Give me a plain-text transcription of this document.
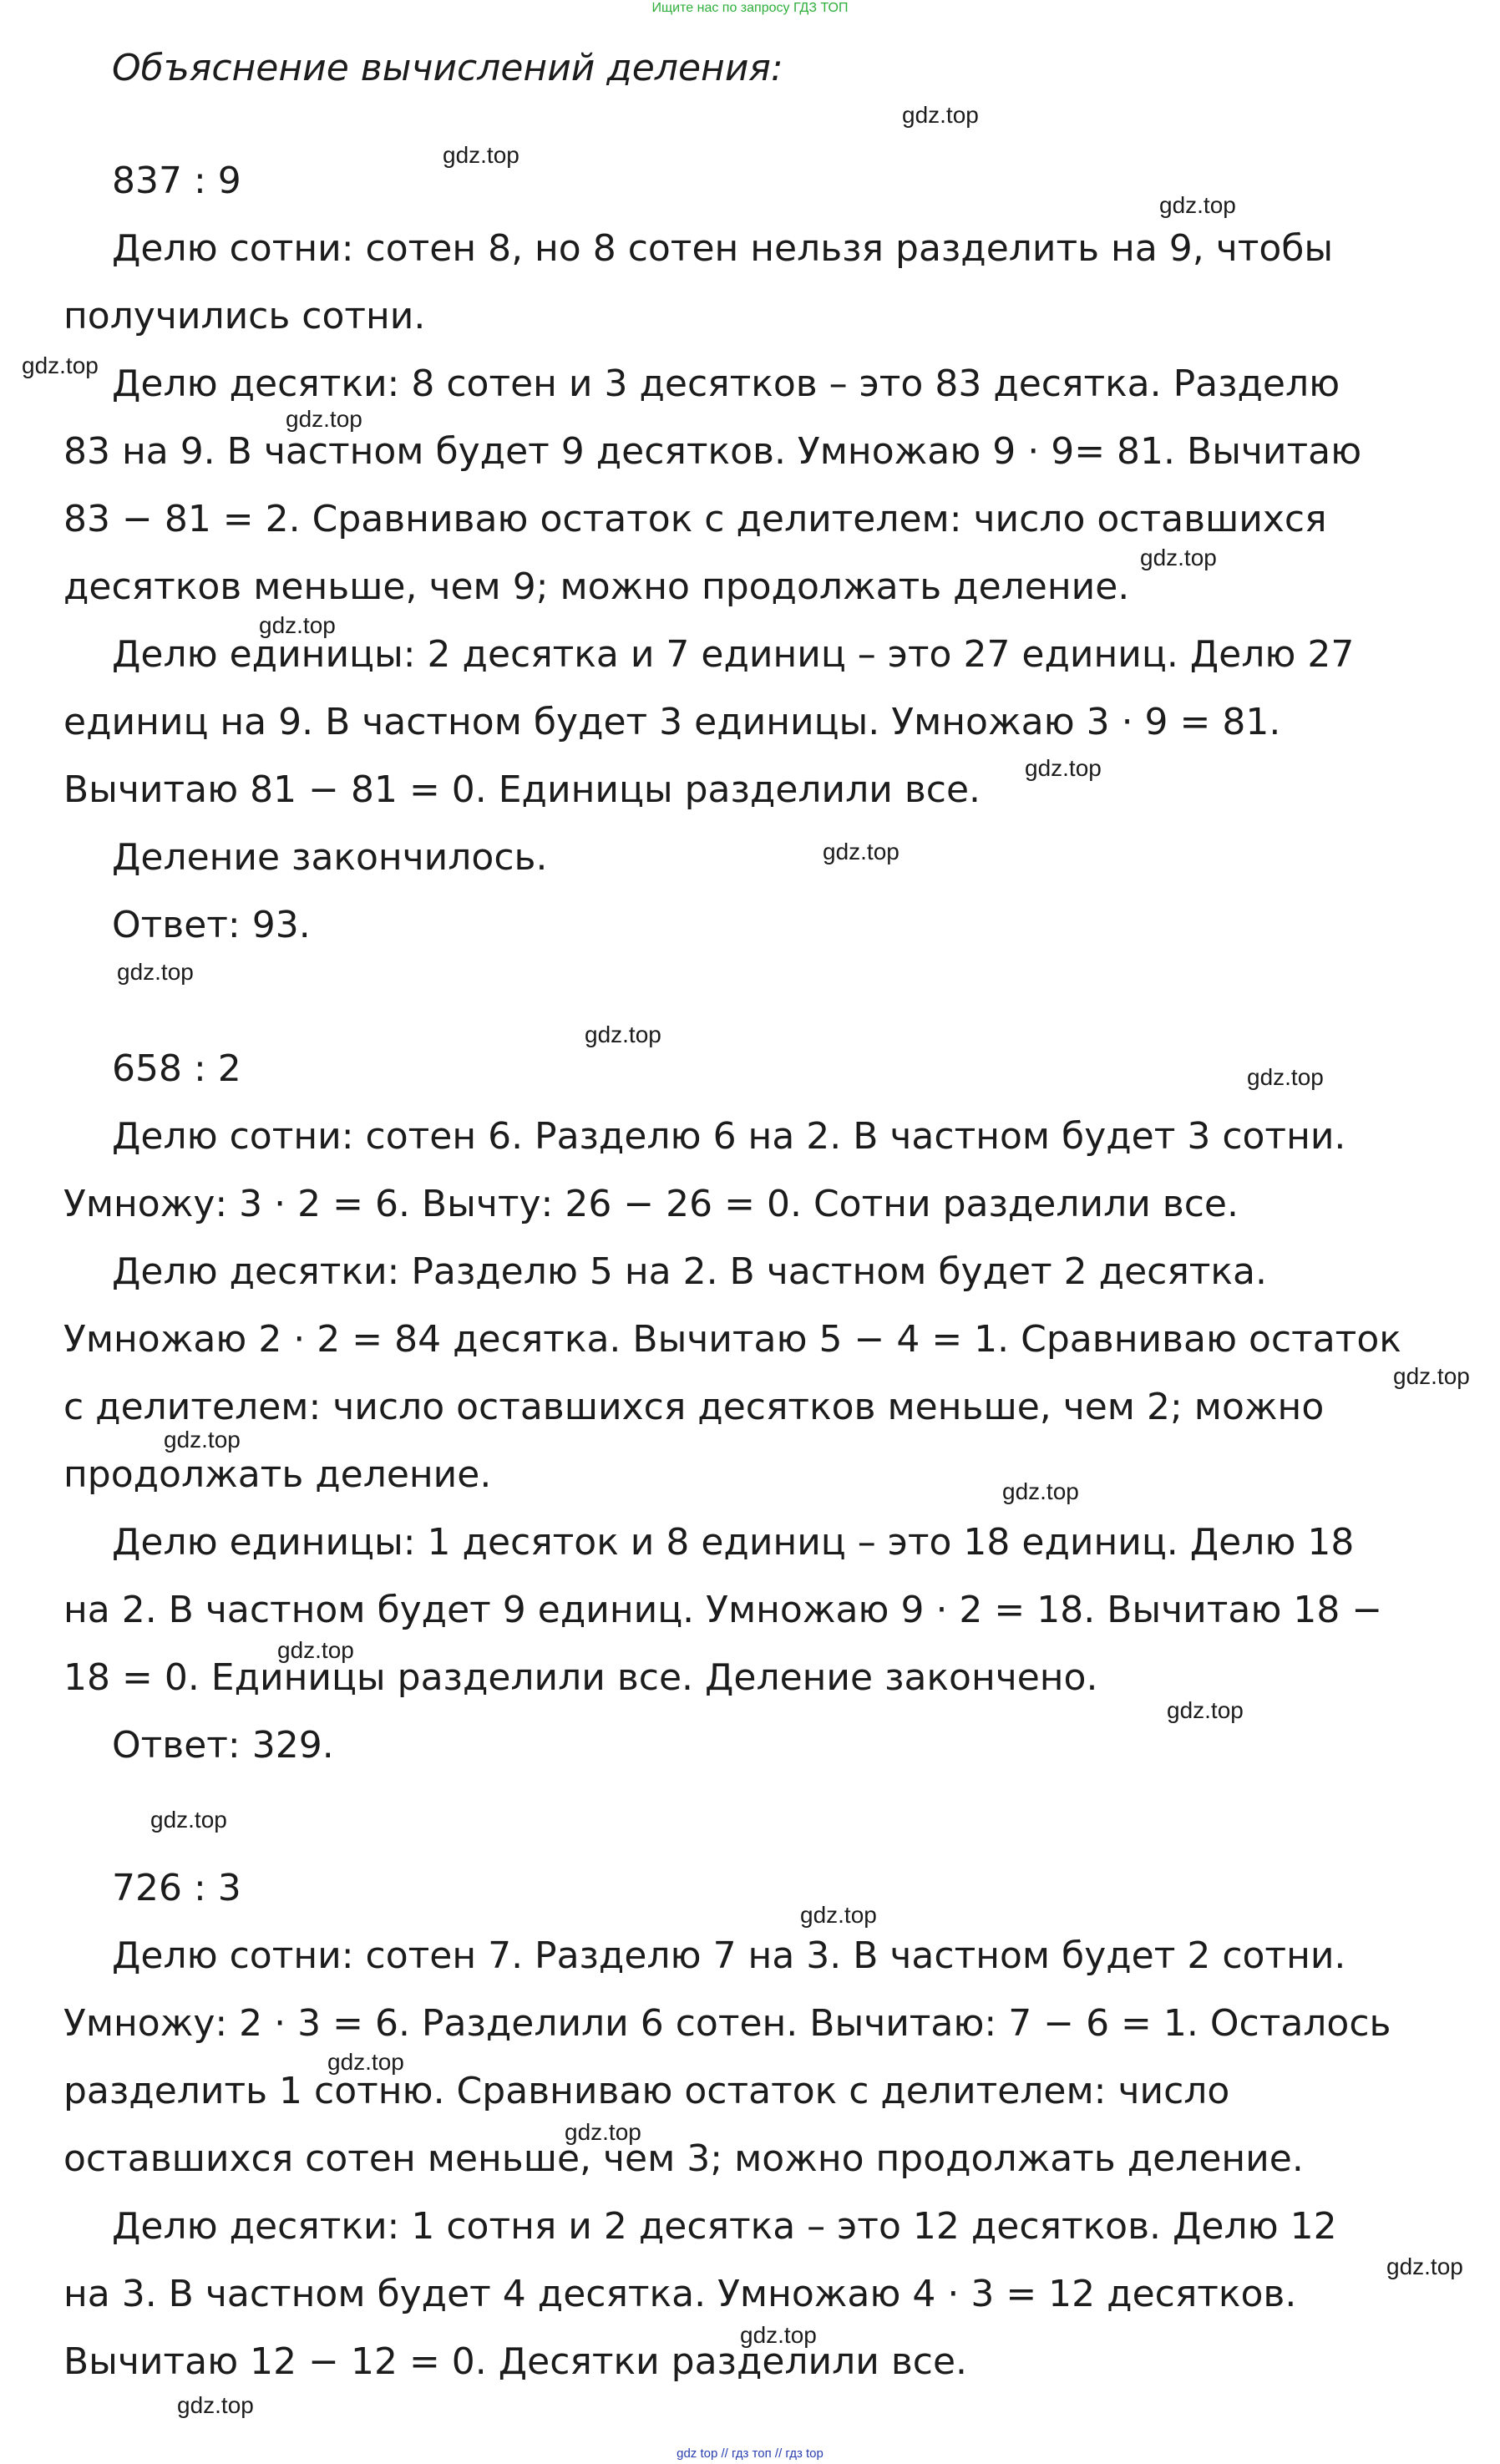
Ищите нас по запросу ГДЗ ТОП
Объяснение вычислений деления:
837 : 9
Делю сотни: сотен 8, но 8 сотен нельзя разделить на 9, чтобы
получились сотни.
Делю десятки: 8 сотен и 3 десятков – это 83 десятка. Разделю
83 на 9. В частном будет 9 десятков. Умножаю 9 · 9= 81. Вычитаю
83 − 81 = 2. Сравниваю остаток с делителем: число оставшихся
десятков меньше, чем 9; можно продолжать деление.
Делю единицы: 2 десятка и 7 единиц – это 27 единиц. Делю 27
единиц на 9. В частном будет 3 единицы. Умножаю 3 · 9 = 81.
Вычитаю 81 − 81 = 0. Единицы разделили все.
Деление закончилось.
Ответ: 93.
658 : 2
Делю сотни: сотен 6. Разделю 6 на 2. В частном будет 3 сотни.
Умножу: 3 · 2 = 6. Вычту: 26 − 26 = 0. Сотни разделили все.
Делю десятки: Разделю 5 на 2. В частном будет 2 десятка.
Умножаю 2 · 2 = 84 десятка. Вычитаю 5 − 4 = 1. Сравниваю остаток
с делителем: число оставшихся десятков меньше, чем 2; можно
продолжать деление.
Делю единицы: 1 десяток и 8 единиц – это 18 единиц. Делю 18
на 2. В частном будет 9 единиц. Умножаю 9 · 2 = 18. Вычитаю 18 −
18 = 0. Единицы разделили все. Деление закончено.
Ответ: 329.
726 : 3
Делю сотни: сотен 7. Разделю 7 на 3. В частном будет 2 сотни.
Умножу: 2 · 3 = 6. Разделили 6 сотен. Вычитаю: 7 − 6 = 1. Осталось
разделить 1 сотню. Сравниваю остаток с делителем: число
оставшихся сотен меньше, чем 3; можно продолжать деление.
Делю десятки: 1 сотня и 2 десятка – это 12 десятков. Делю 12
на 3. В частном будет 4 десятка. Умножаю 4 · 3 = 12 десятков.
Вычитаю 12 − 12 = 0. Десятки разделили все.
gdz.top
gdz.top
gdz.top
gdz.top
gdz.top
gdz.top
gdz.top
gdz.top
gdz.top
gdz.top
gdz.top
gdz.top
gdz.top
gdz.top
gdz.top
gdz.top
gdz.top
gdz.top
gdz.top
gdz.top
gdz.top
gdz.top
gdz.top
gdz.top
gdz top // гдз топ // гдз top
